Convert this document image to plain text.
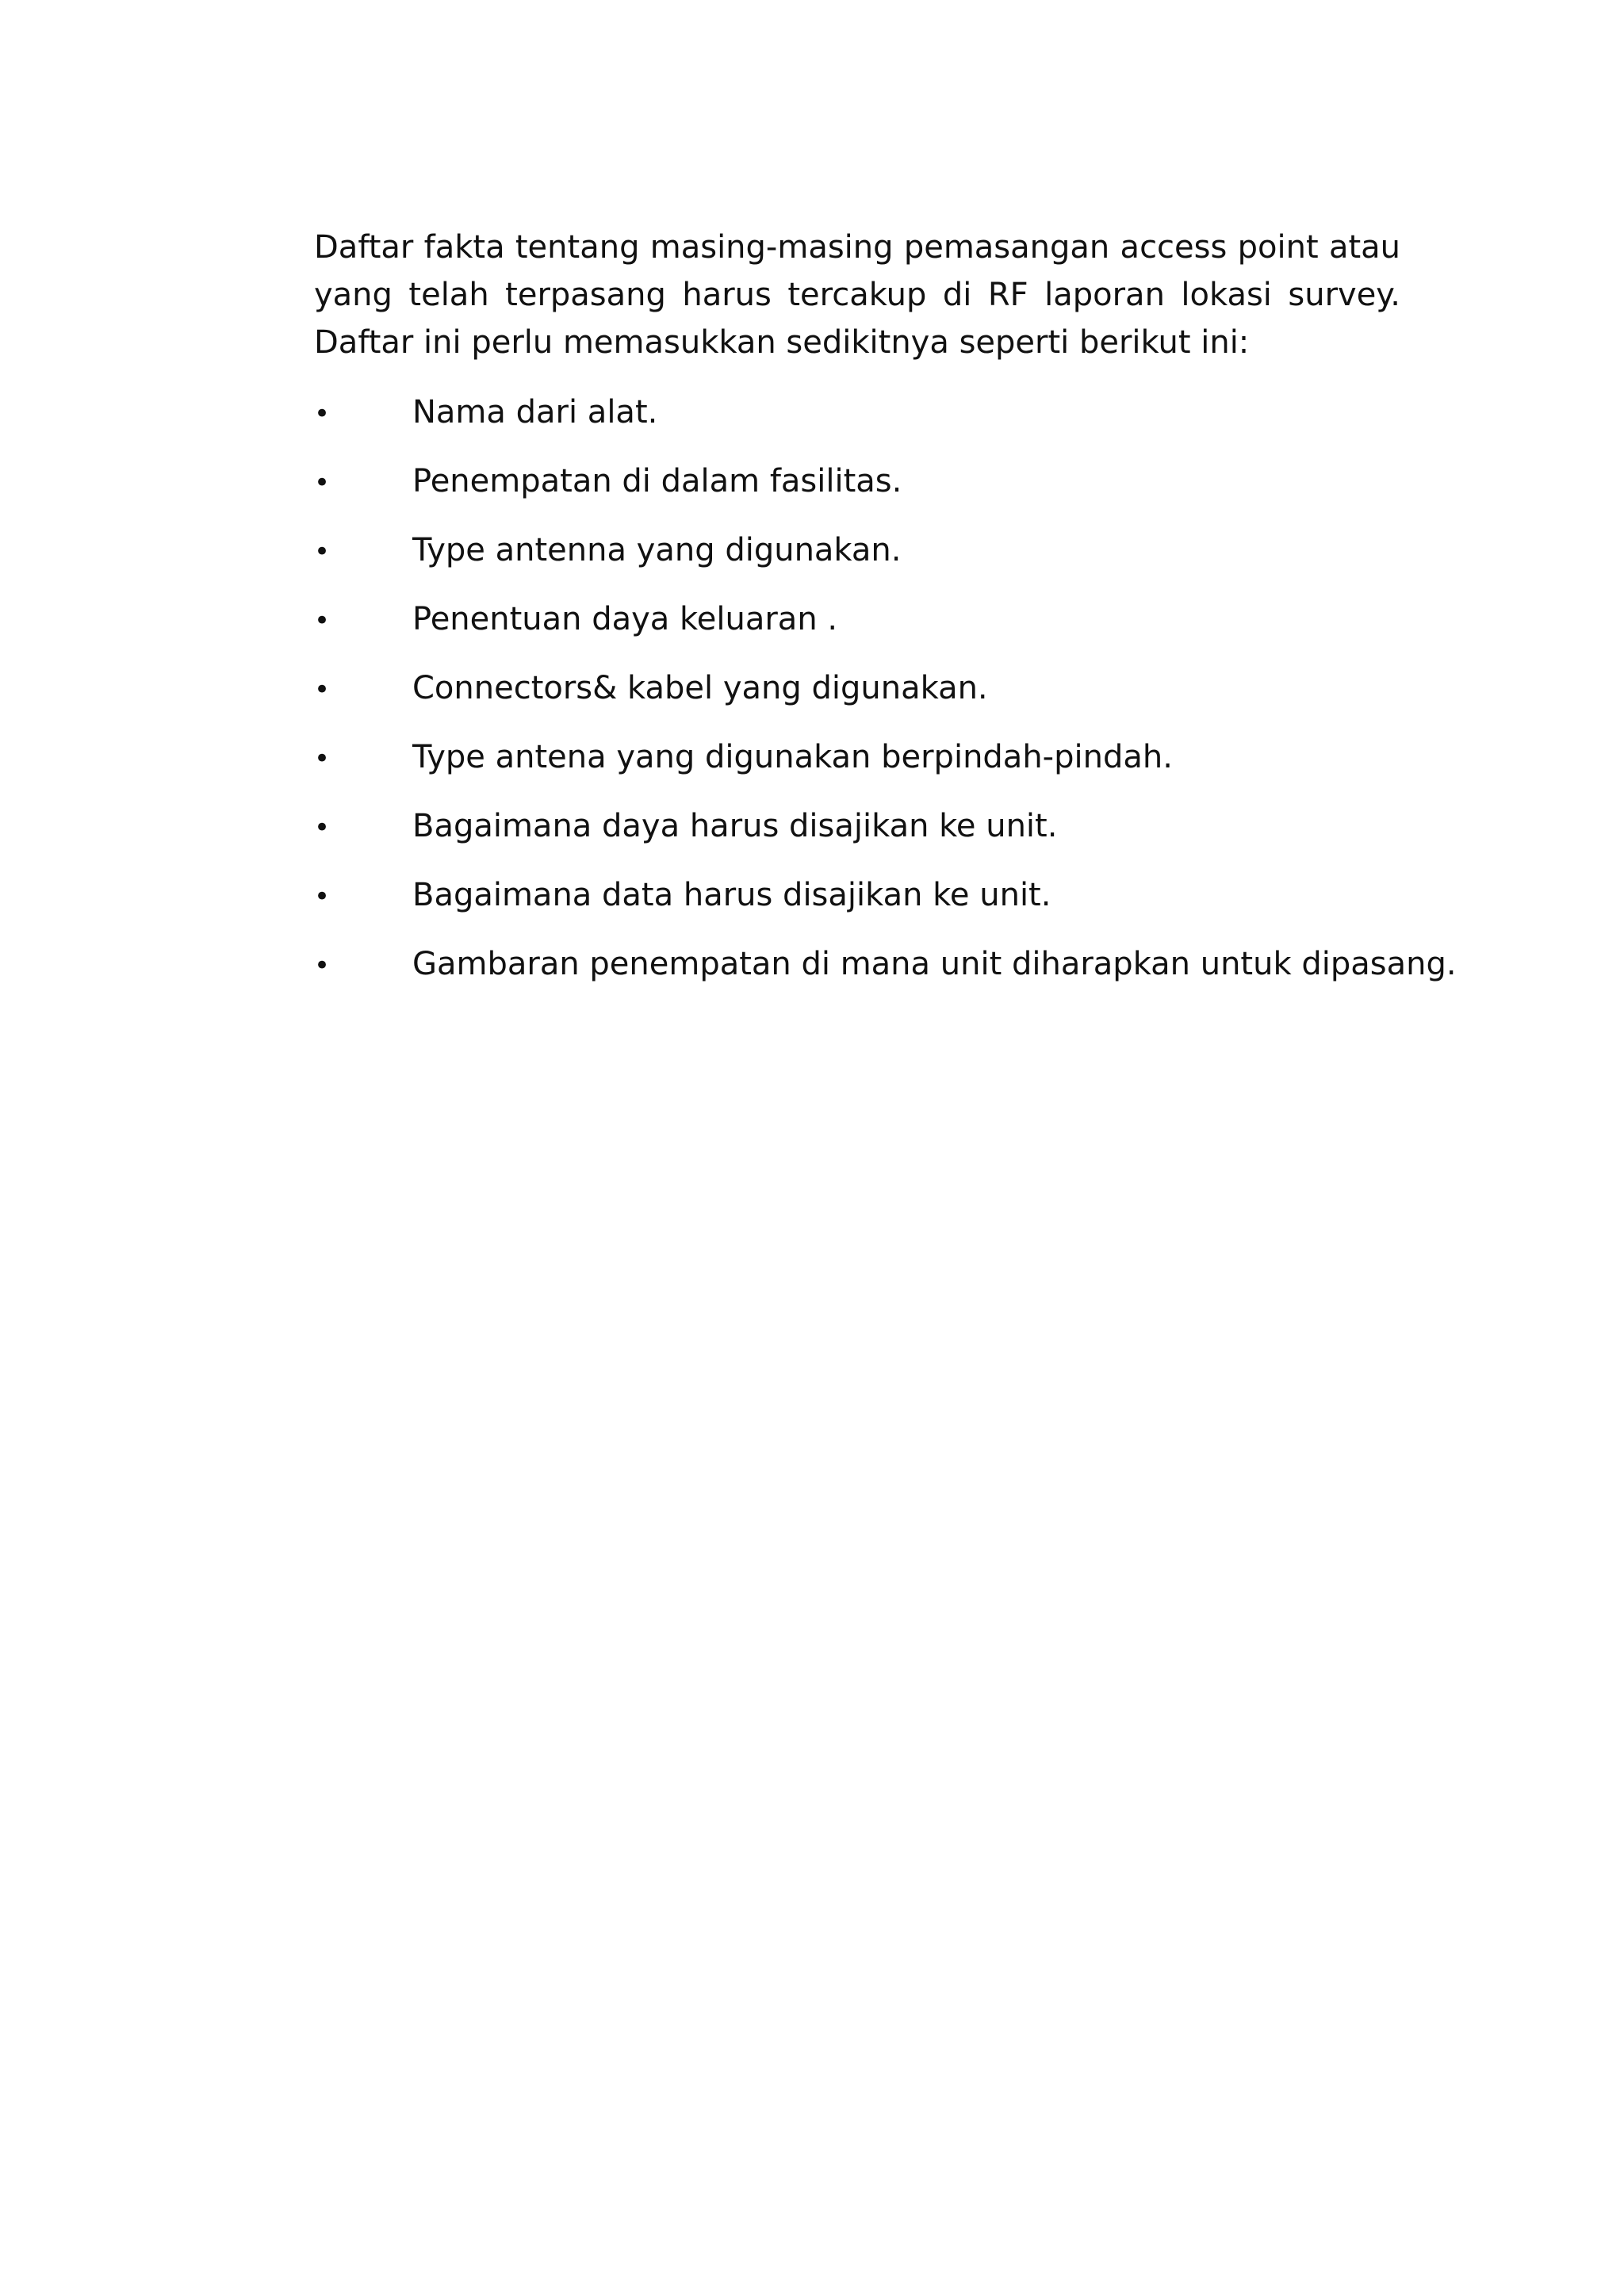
Daftar fakta tentang masing-masing pemasangan access point atau yang telah terpasang harus tercakup di RF laporan lokasi survey. Daftar ini perlu memasukkan sedikitnya seperti berikut ini:

•	Nama dari alat.
•	Penempatan di dalam fasilitas.
•	Type antenna yang digunakan.
•	Penentuan daya keluaran .
•	Connectors& kabel yang digunakan.
•	Type antena yang digunakan berpindah-pindah.
•	Bagaimana daya harus disajikan ke unit.
•	Bagaimana data harus disajikan ke unit.
•	Gambaran penempatan di mana unit diharapkan untuk dipasang.
